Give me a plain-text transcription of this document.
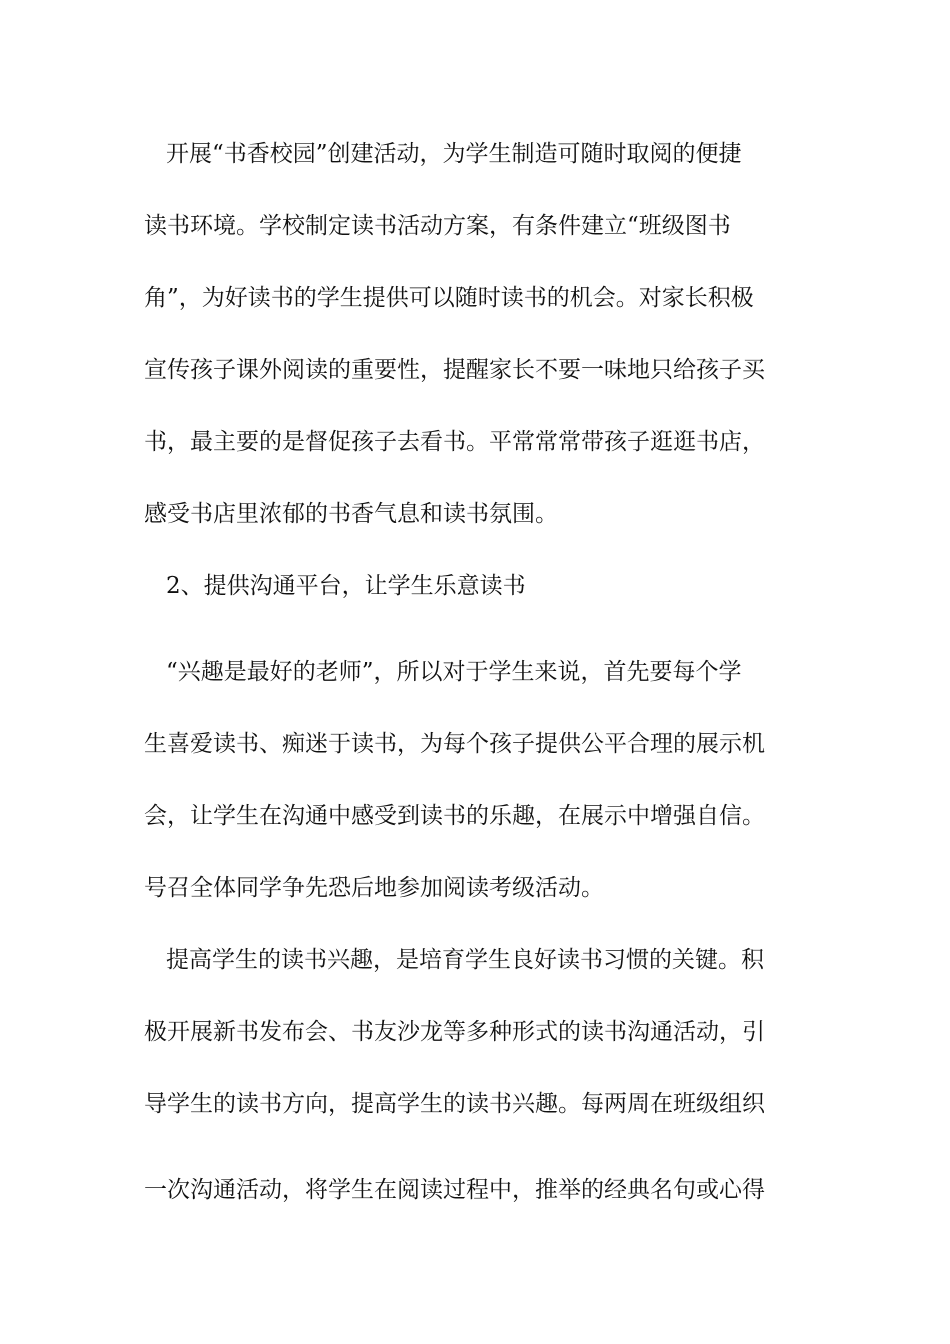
开展“书香校园”创建活动，为学生制造可随时取阅的便捷
读书环境。学校制定读书活动方案，有条件建立“班级图书
角”，为好读书的学生提供可以随时读书的机会。对家长积极
宣传孩子课外阅读的重要性，提醒家长不要一味地只给孩子买
书，最主要的是督促孩子去看书。平常常常带孩子逛逛书店，
感受书店里浓郁的书香气息和读书氛围。
2、提供沟通平台，让学生乐意读书
“兴趣是最好的老师”，所以对于学生来说，首先要每个学
生喜爱读书、痴迷于读书，为每个孩子提供公平合理的展示机
会，让学生在沟通中感受到读书的乐趣，在展示中增强自信。
号召全体同学争先恐后地参加阅读考级活动。
提高学生的读书兴趣，是培育学生良好读书习惯的关键。积
极开展新书发布会、书友沙龙等多种形式的读书沟通活动，引
导学生的读书方向，提高学生的读书兴趣。每两周在班级组织
一次沟通活动，将学生在阅读过程中，推举的经典名句或心得
